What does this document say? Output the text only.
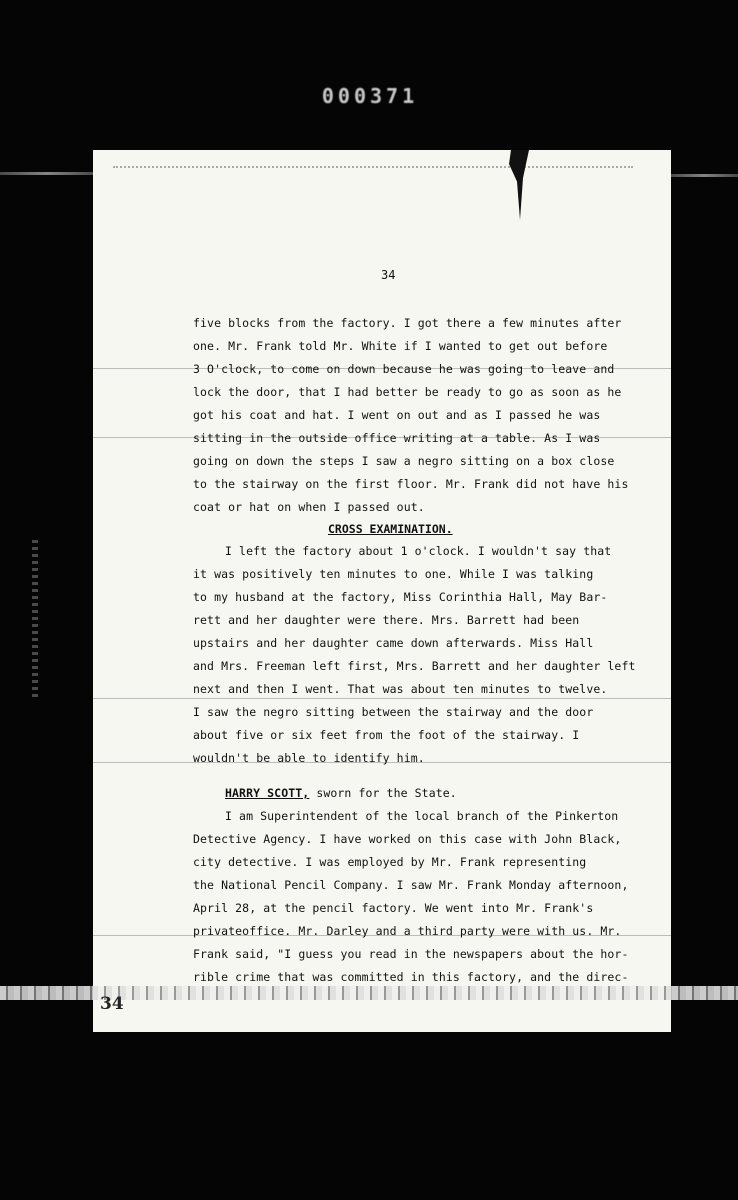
000371
34
five blocks from the factory. I got there a few minutes after
one. Mr. Frank told Mr. White if I wanted to get out before
3 O'clock, to come on down because he was going to leave and
lock the door, that I had better be ready to go as soon as he
got his coat and hat. I went on out and as I passed he was
sitting in the outside office writing at a table. As I was
going on down the steps I saw a negro sitting on a box close
to the stairway on the first floor. Mr. Frank did not have his
coat or hat on when I passed out.
CROSS EXAMINATION.
I left the factory about 1 o'clock. I wouldn't say that
it was positively ten minutes to one. While I was talking
to my husband at the factory, Miss Corinthia Hall, May Bar-
rett and her daughter were there. Mrs. Barrett had been
upstairs and her daughter came down afterwards. Miss Hall
and Mrs. Freeman left first, Mrs. Barrett and her daughter left
next and then I went. That was about ten minutes to twelve.
I saw the negro sitting between the stairway and the door
about five or six feet from the foot of the stairway. I
wouldn't be able to identify him.
HARRY SCOTT, sworn for the State.
I am Superintendent of the local branch of the Pinkerton
Detective Agency. I have worked on this case with John Black,
city detective. I was employed by Mr. Frank representing
the National Pencil Company. I saw Mr. Frank Monday afternoon,
April 28, at the pencil factory. We went into Mr. Frank's
privateoffice. Mr. Darley and a third party were with us. Mr.
Frank said, "I guess you read in the newspapers about the hor-
rible crime that was committed in this factory, and the direc-
34
